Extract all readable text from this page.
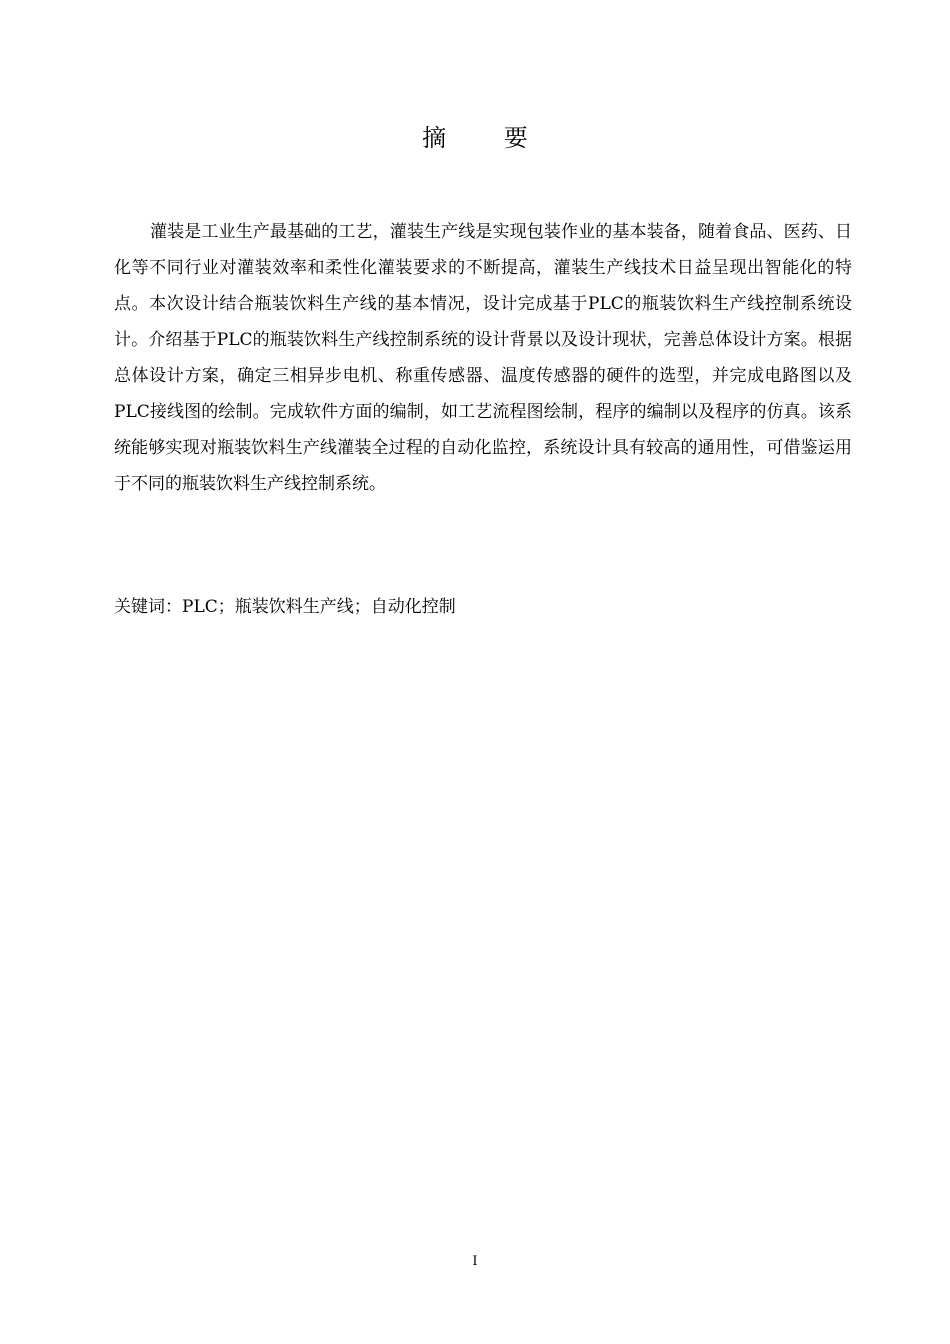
摘 要

灌装是工业生产最基础的工艺，灌装生产线是实现包装作业的基本装备，随着食品、医药、日化等不同行业对灌装效率和柔性化灌装要求的不断提高，灌装生产线技术日益呈现出智能化的特点。本次设计结合瓶装饮料生产线的基本情况，设计完成基于PLC的瓶装饮料生产线控制系统设计。介绍基于PLC的瓶装饮料生产线控制系统的设计背景以及设计现状，完善总体设计方案。根据总体设计方案，确定三相异步电机、称重传感器、温度传感器的硬件的选型，并完成电路图以及PLC接线图的绘制。完成软件方面的编制，如工艺流程图绘制，程序的编制以及程序的仿真。该系统能够实现对瓶装饮料生产线灌装全过程的自动化监控，系统设计具有较高的通用性，可借鉴运用于不同的瓶装饮料生产线控制系统。

关键词：PLC；瓶装饮料生产线；自动化控制
I
